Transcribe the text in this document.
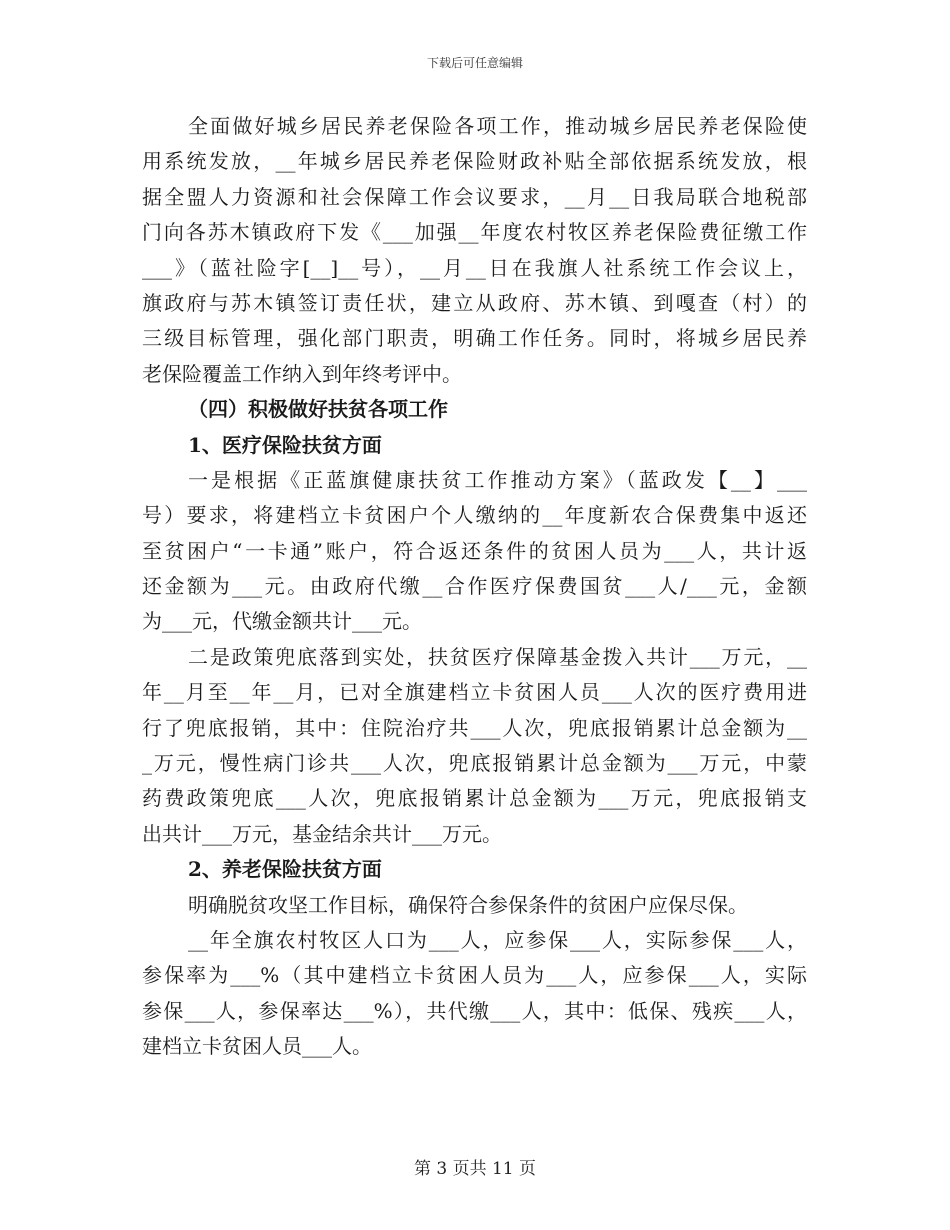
下载后可任意编辑
全面做好城乡居民养老保险各项工作，推动城乡居民养老保险使
用系统发放，__年城乡居民养老保险财政补贴全部依据系统发放，根
据全盟人力资源和社会保障工作会议要求，__月__日我局联合地税部
门向各苏木镇政府下发《___加强__年度农村牧区养老保险费征缴工作
___》（蓝社险字[__]__号），__月__日在我旗人社系统工作会议上，
旗政府与苏木镇签订责任状，建立从政府、苏木镇、到嘎查（村）的
三级目标管理，强化部门职责，明确工作任务。同时，将城乡居民养
老保险覆盖工作纳入到年终考评中。
（四）积极做好扶贫各项工作
1、医疗保险扶贫方面
一是根据《正蓝旗健康扶贫工作推动方案》（蓝政发【__】___
号）要求，将建档立卡贫困户个人缴纳的__年度新农合保费集中返还
至贫困户“一卡通”账户，符合返还条件的贫困人员为___人，共计返
还金额为___元。由政府代缴__合作医疗保费国贫___人/___元，金额
为___元，代缴金额共计___元。
二是政策兜底落到实处，扶贫医疗保障基金拨入共计___万元，__
年__月至__年__月，已对全旗建档立卡贫困人员___人次的医疗费用进
行了兜底报销，其中：住院治疗共___人次，兜底报销累计总金额为__
_万元，慢性病门诊共___人次，兜底报销累计总金额为___万元，中蒙
药费政策兜底___人次，兜底报销累计总金额为___万元，兜底报销支
出共计___万元，基金结余共计___万元。
2、养老保险扶贫方面
明确脱贫攻坚工作目标，确保符合参保条件的贫困户应保尽保。
__年全旗农村牧区人口为___人，应参保___人，实际参保___人，
参保率为___%（其中建档立卡贫困人员为___人，应参保___人，实际
参保___人，参保率达___%），共代缴___人，其中：低保、残疾___人，
建档立卡贫困人员___人。
第 3 页共 11 页
